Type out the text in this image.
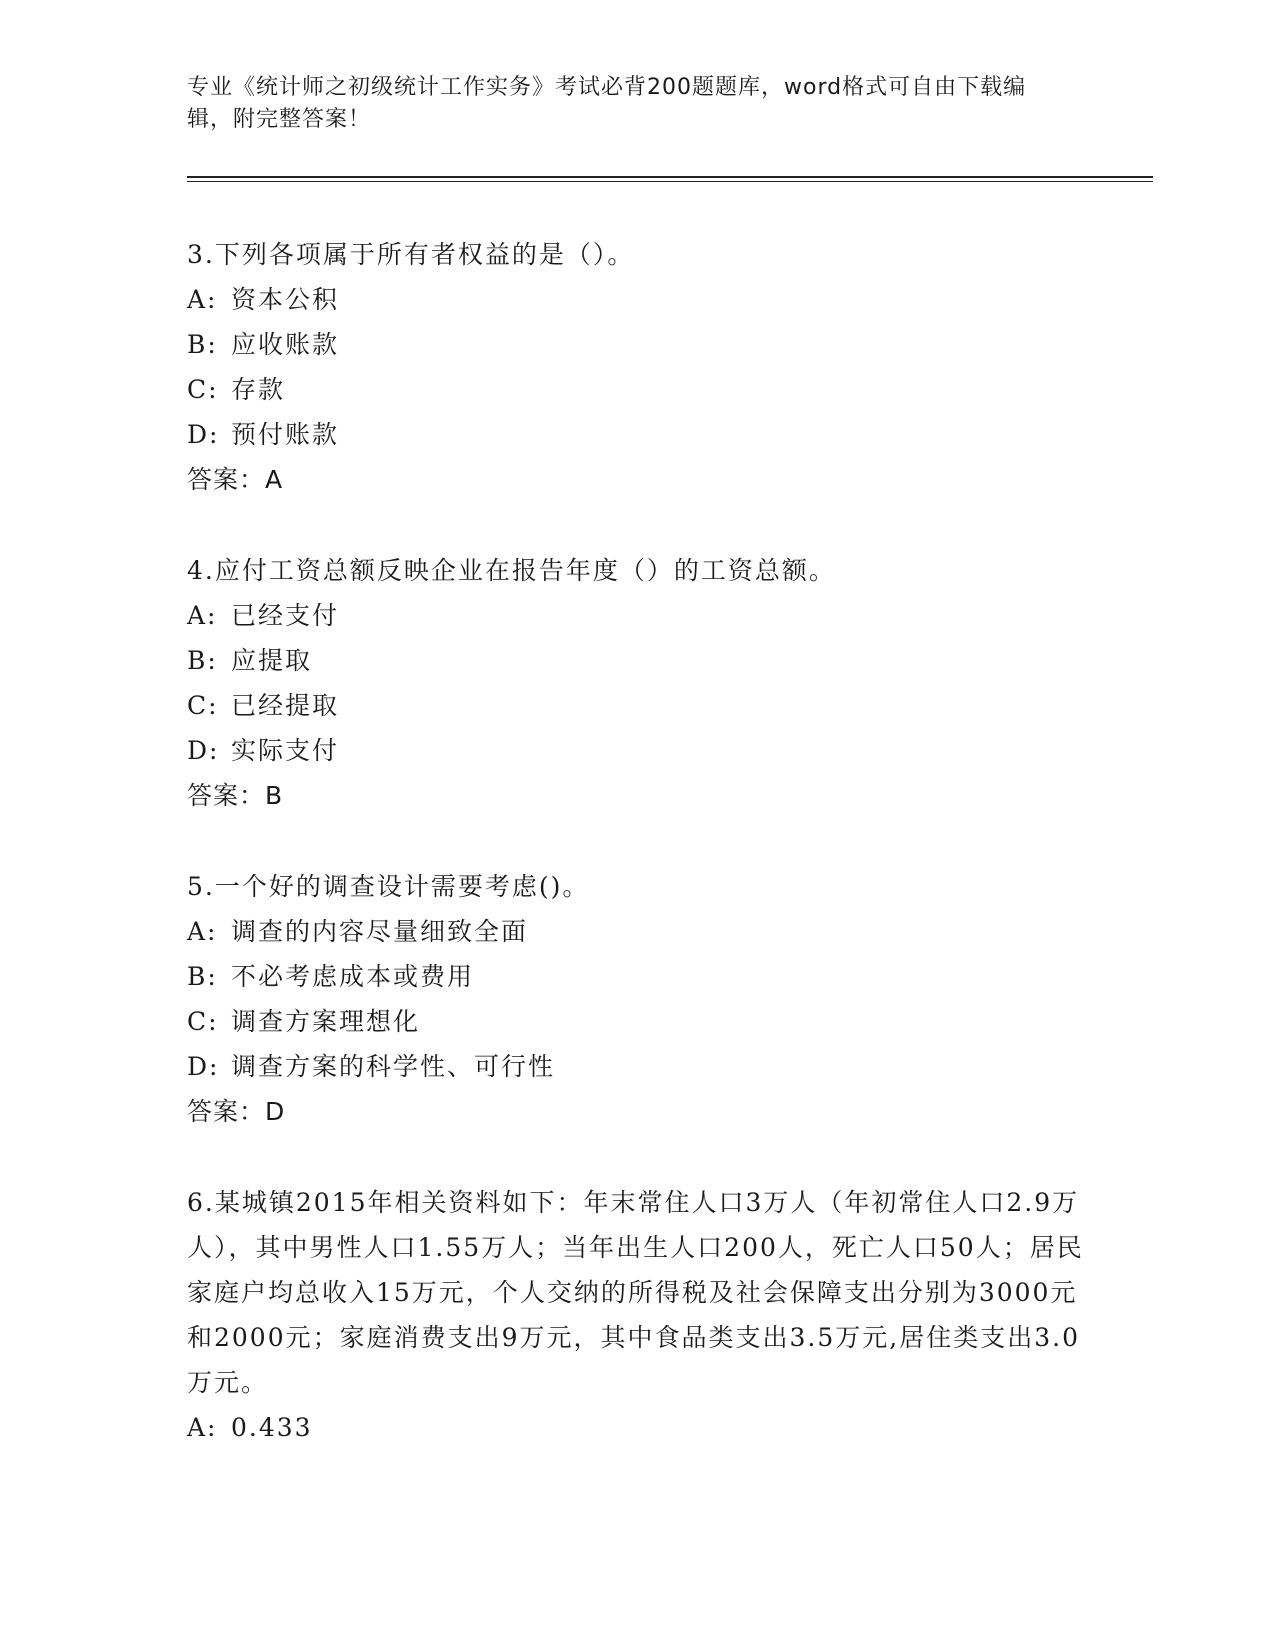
专业《统计师之初级统计工作实务》考试必背200题题库，word格式可自由下载编辑，附完整答案！
3.下列各项属于所有者权益的是（）。
A: 资本公积
B: 应收账款
C: 存款
D: 预付账款
答案：A
4.应付工资总额反映企业在报告年度（）的工资总额。
A: 已经支付
B: 应提取
C: 已经提取
D: 实际支付
答案：B
5.一个好的调查设计需要考虑()。
A: 调查的内容尽量细致全面
B: 不必考虑成本或费用
C: 调查方案理想化
D: 调查方案的科学性、可行性
答案：D
6.某城镇2015年相关资料如下：年末常住人口3万人（年初常住人口2.9万人），其中男性人口1.55万人；当年出生人口200人，死亡人口50人；居民家庭户均总收入15万元，个人交纳的所得税及社会保障支出分别为3000元和2000元；家庭消费支出9万元，其中食品类支出3.5万元,居住类支出3.0万元。
A: 0.433
